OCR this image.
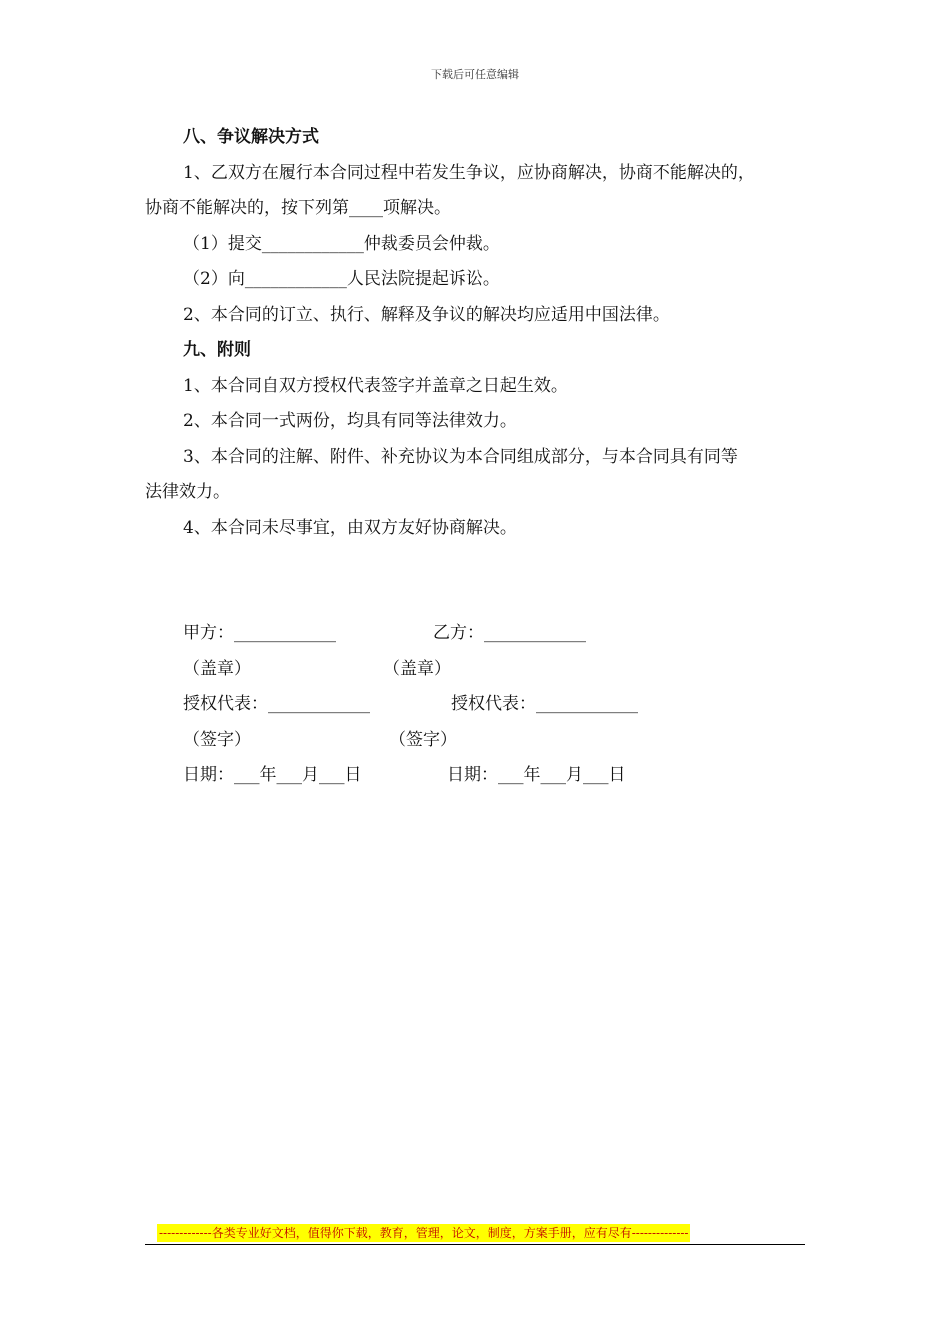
下载后可任意编辑
八、争议解决方式
1、乙双方在履行本合同过程中若发生争议，应协商解决，协商不能解决的，
协商不能解决的，按下列第____项解决。
（1）提交____________仲裁委员会仲裁。
（2）向____________人民法院提起诉讼。
2、本合同的订立、执行、解释及争议的解决均应适用中国法律。
九、附则
1、本合同自双方授权代表签字并盖章之日起生效。
2、本合同一式两份，均具有同等法律效力。
3、本合同的注解、附件、补充协议为本合同组成部分，与本合同具有同等
法律效力。
4、本合同未尽事宜，由双方友好协商解决。
甲方：____________	乙方：____________
（盖章）	（盖章）
授权代表：____________	授权代表：____________
（签字）	（签字）
日期：___年___月___日	日期：___年___月___日
-------------各类专业好文档，值得你下载，教育，管理，论文，制度，方案手册，应有尽有--------------
